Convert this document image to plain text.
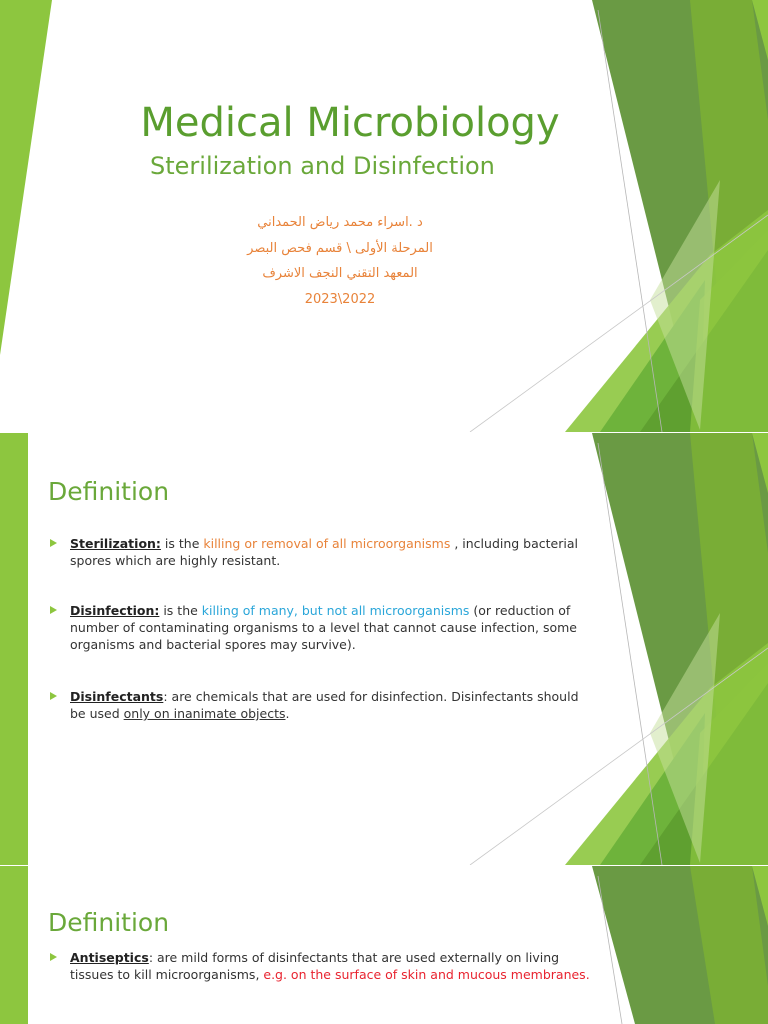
Medical Microbiology
Sterilization and Disinfection
د .اسراء محمد رياض الحمداني
المرحلة الأولى \ قسم فحص البصر
المعهد التقني النجف الاشرف
2023\2022
Definition
Sterilization: is the killing or removal of all microorganisms , including bacterial spores which are highly resistant.
Disinfection: is the killing of many, but not all microorganisms (or reduction of number of contaminating organisms to a level that cannot cause infection, some organisms and bacterial spores may survive).
Disinfectants: are chemicals that are used for disinfection. Disinfectants should be used only on inanimate objects.
Definition
Antiseptics: are mild forms of disinfectants that are used externally on living tissues to kill microorganisms, e.g. on the surface of skin and mucous membranes.
